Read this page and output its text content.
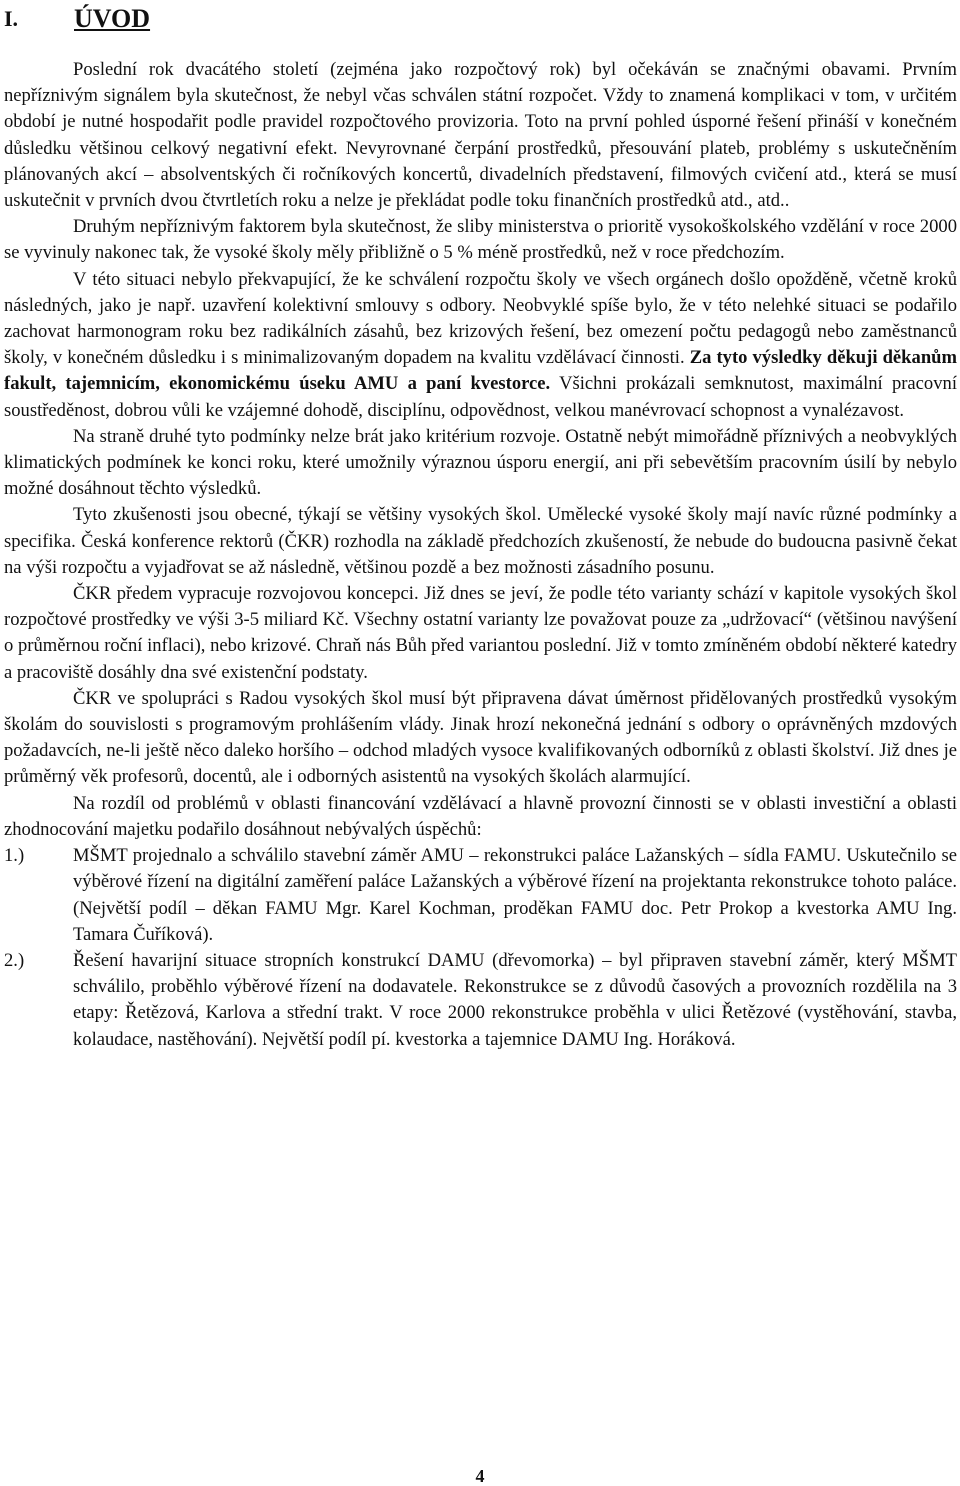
I.	ÚVOD

Poslední rok dvacátého století (zejména jako rozpočtový rok) byl očekáván se značnými obavami. Prvním nepříznivým signálem byla skutečnost, že nebyl včas schválen státní rozpočet. Vždy to znamená komplikaci v tom, v určitém období je nutné hospodařit podle pravidel rozpočtového provizoria. Toto na první pohled úsporné řešení přináší v konečném důsledku většinou celkový negativní efekt. Nevyrovnané čerpání prostředků, přesouvání plateb, problémy s uskutečněním plánovaných akcí – absolventských či ročníkových koncertů, divadelních představení, filmových cvičení atd., která se musí uskutečnit v prvních dvou čtvrtletích roku a nelze je překládat podle toku finančních prostředků atd., atd..

Druhým nepříznivým faktorem byla skutečnost, že sliby ministerstva o prioritě vysokoškolského vzdělání v roce 2000 se vyvinuly nakonec tak, že vysoké školy měly přibližně o 5 % méně prostředků, než v roce předchozím.

V této situaci nebylo překvapující, že ke schválení rozpočtu školy ve všech orgánech došlo opožděně, včetně kroků následných, jako je např. uzavření kolektivní smlouvy s odbory. Neobvyklé spíše bylo, že v této nelehké situaci se podařilo zachovat harmonogram roku bez radikálních zásahů, bez krizových řešení, bez omezení počtu pedagogů nebo zaměstnanců školy, v konečném důsledku i s minimalizovaným dopadem na kvalitu vzdělávací činnosti. Za tyto výsledky děkuji děkanům fakult, tajemnicím, ekonomickému úseku AMU a paní kvestorce. Všichni prokázali semknutost, maximální pracovní soustředěnost, dobrou vůli ke vzájemné dohodě, disciplínu, odpovědnost, velkou manévrovací schopnost a vynalézavost.

Na straně druhé tyto podmínky nelze brát jako kritérium rozvoje. Ostatně nebýt mimořádně příznivých a neobvyklých klimatických podmínek ke konci roku, které umožnily výraznou úsporu energií, ani při sebevětším pracovním úsilí by nebylo možné dosáhnout těchto výsledků.

Tyto zkušenosti jsou obecné, týkají se většiny vysokých škol. Umělecké vysoké školy mají navíc různé podmínky a specifika. Česká konference rektorů (ČKR) rozhodla na základě předchozích zkušeností, že nebude do budoucna pasivně čekat na výši rozpočtu a vyjadřovat se až následně, většinou pozdě a bez možnosti zásadního posunu.

ČKR předem vypracuje rozvojovou koncepci. Již dnes se jeví, že podle této varianty schází v kapitole vysokých škol rozpočtové prostředky ve výši 3-5 miliard Kč. Všechny ostatní varianty lze považovat pouze za „udržovací“ (většinou navýšení o průměrnou roční inflaci), nebo krizové. Chraň nás Bůh před variantou poslední. Již v tomto zmíněném období některé katedry a pracoviště dosáhly dna své existenční podstaty.

ČKR ve spolupráci s Radou vysokých škol musí být připravena dávat úměrnost přidělovaných prostředků vysokým školám do souvislosti s programovým prohlášením vlády. Jinak hrozí nekonečná jednání s odbory o oprávněných mzdových požadavcích, ne-li ještě něco daleko horšího – odchod mladých vysoce kvalifikovaných odborníků z oblasti školství. Již dnes je průměrný věk profesorů, docentů, ale i odborných asistentů na vysokých školách alarmující.

Na rozdíl od problémů v oblasti financování vzdělávací a hlavně provozní činnosti se v oblasti investiční a oblasti zhodnocování majetku podařilo dosáhnout nebývalých úspěchů:

1.)	MŠMT projednalo a schválilo stavební záměr AMU – rekonstrukci paláce Lažanských – sídla FAMU. Uskutečnilo se výběrové řízení na digitální zaměření paláce Lažanských a výběrové řízení na projektanta rekonstrukce tohoto paláce. (Největší podíl – děkan FAMU Mgr. Karel Kochman, proděkan FAMU doc. Petr Prokop a kvestorka AMU Ing. Tamara Čuříková).
2.)	Řešení havarijní situace stropních konstrukcí DAMU (dřevomorka) – byl připraven stavební záměr, který MŠMT schválilo, proběhlo výběrové řízení na dodavatele. Rekonstrukce se z důvodů časových a provozních rozdělila na 3 etapy: Řetězová, Karlova a střední trakt. V roce 2000 rekonstrukce proběhla v ulici Řetězové (vystěhování, stavba, kolaudace, nastěhování). Největší podíl pí. kvestorka a tajemnice DAMU Ing. Horáková.
4
